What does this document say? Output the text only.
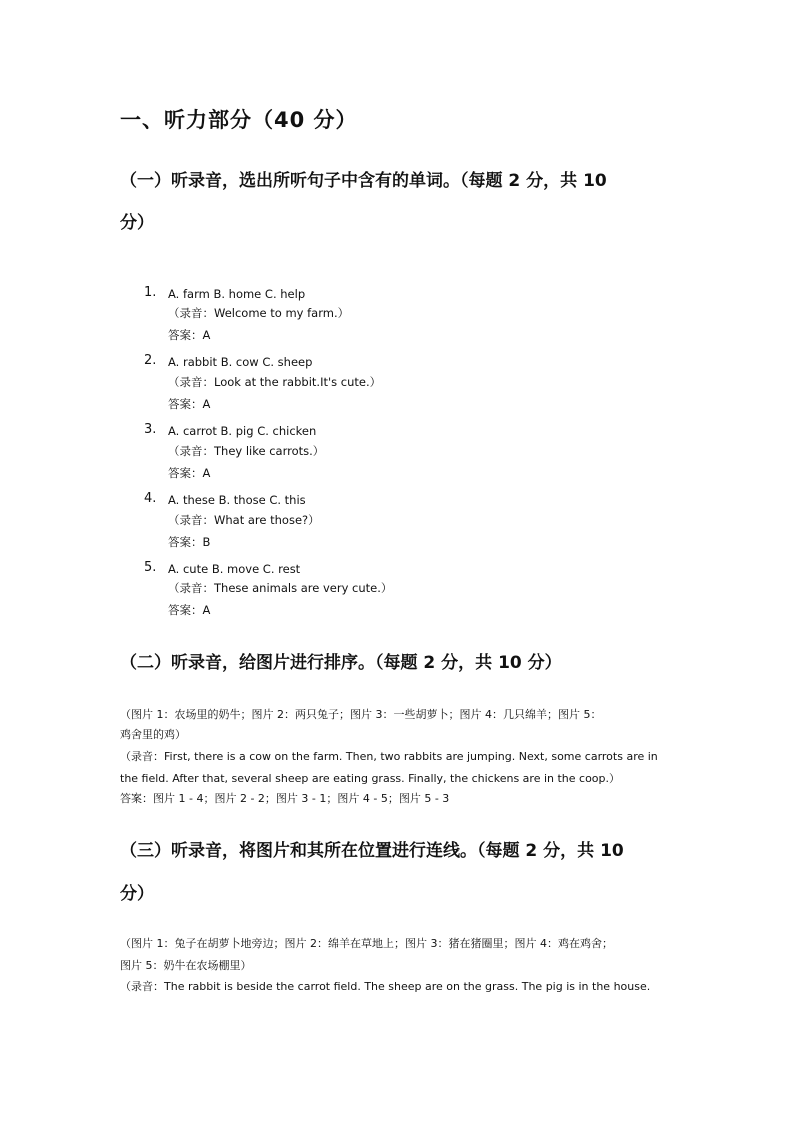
一、听力部分（40 分）
（一）听录音，选出所听句子中含有的单词。（每题 2 分，共 10
分）
1.	A. farm B. home C. help
（录音：Welcome to my farm.）
答案：A
2.	A. rabbit B. cow C. sheep
（录音：Look at the rabbit.It's cute.）
答案：A
3.	A. carrot B. pig C. chicken
（录音：They like carrots.）
答案：A
4.	A. these B. those C. this
（录音：What are those?）
答案：B
5.	A. cute B. move C. rest
（录音：These animals are very cute.）
答案：A
（二）听录音，给图片进行排序。（每题 2 分，共 10 分）
（图片 1：农场里的奶牛；图片 2：两只兔子；图片 3：一些胡萝卜；图片 4：几只绵羊；图片 5：
鸡舍里的鸡）
（录音：First, there is a cow on the farm. Then, two rabbits are jumping. Next, some carrots are in
the field. After that, several sheep are eating grass. Finally, the chickens are in the coop.）
答案：图片 1 - 4；图片 2 - 2；图片 3 - 1；图片 4 - 5；图片 5 - 3
（三）听录音，将图片和其所在位置进行连线。（每题 2 分，共 10
分）
（图片 1：兔子在胡萝卜地旁边；图片 2：绵羊在草地上；图片 3：猪在猪圈里；图片 4：鸡在鸡舍；
图片 5：奶牛在农场棚里）
（录音：The rabbit is beside the carrot field. The sheep are on the grass. The pig is in the house.
